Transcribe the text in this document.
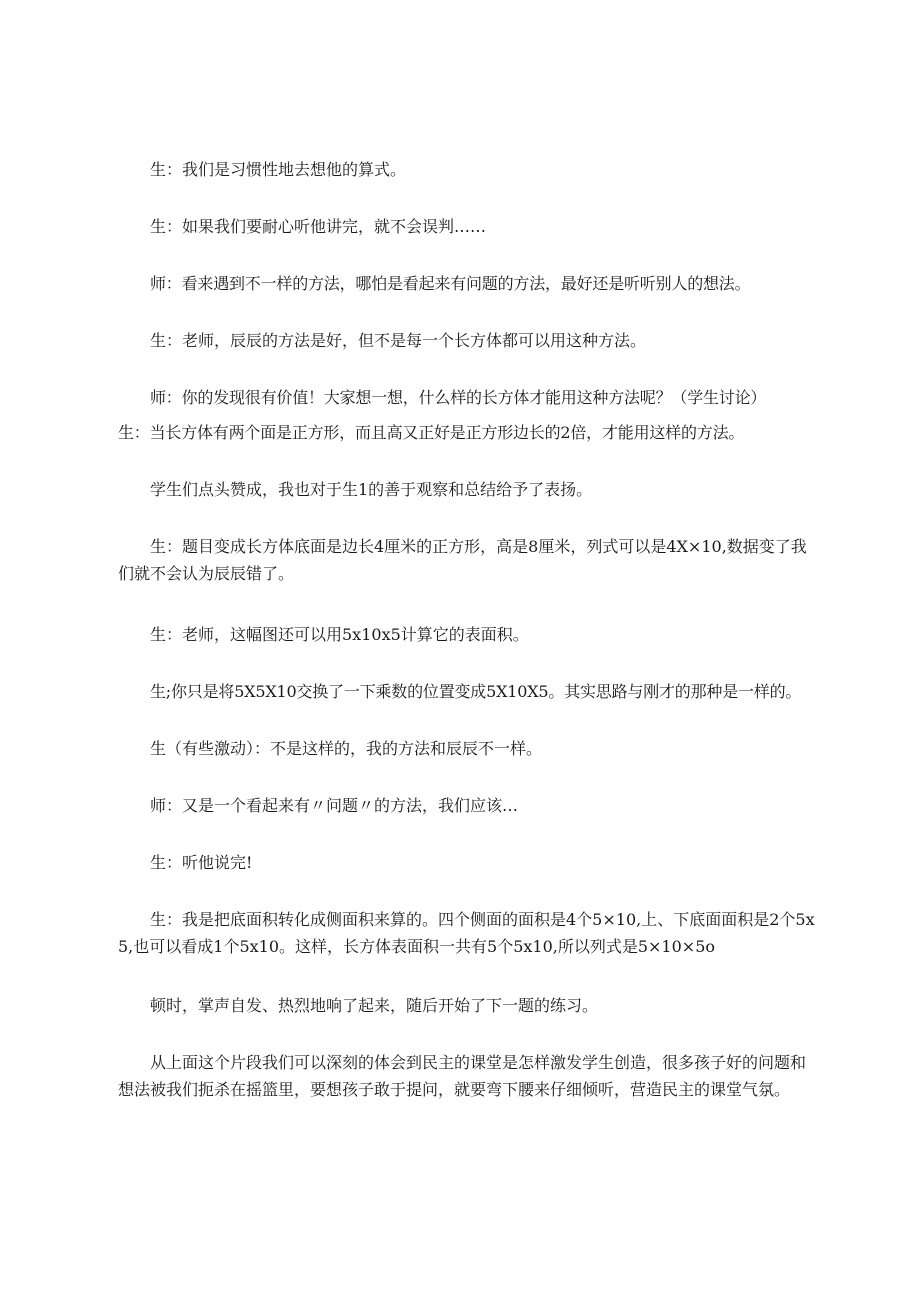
生：我们是习惯性地去想他的算式。

生：如果我们要耐心听他讲完，就不会误判……

师：看来遇到不一样的方法，哪怕是看起来有问题的方法，最好还是听听别人的想法。

生：老师，辰辰的方法是好，但不是每一个长方体都可以用这种方法。

师：你的发现很有价值！大家想一想，什么样的长方体才能用这种方法呢？（学生讨论）

生：当长方体有两个面是正方形，而且高又正好是正方形边长的2倍，才能用这样的方法。

学生们点头赞成，我也对于生1的善于观察和总结给予了表扬。

生：题目变成长方体底面是边长4厘米的正方形，高是8厘米，列式可以是4X×10,数据变了我们就不会认为辰辰错了。

生：老师，这幅图还可以用5x10x5计算它的表面积。

生;你只是将5X5X10交换了一下乘数的位置变成5X10X5。其实思路与刚才的那种是一样的。

生（有些激动）：不是这样的，我的方法和辰辰不一样。

师：又是一个看起来有〃问题〃的方法，我们应该…

生：听他说完!

生：我是把底面积转化成侧面积来算的。四个侧面的面积是4个5×10,上、下底面面积是2个5x5,也可以看成1个5x10。这样，长方体表面积一共有5个5x10,所以列式是5×10×5o

顿时，掌声自发、热烈地响了起来，随后开始了下一题的练习。

从上面这个片段我们可以深刻的体会到民主的课堂是怎样激发学生创造，很多孩子好的问题和想法被我们扼杀在摇篮里，要想孩子敢于提问，就要弯下腰来仔细倾听，营造民主的课堂气氛。
